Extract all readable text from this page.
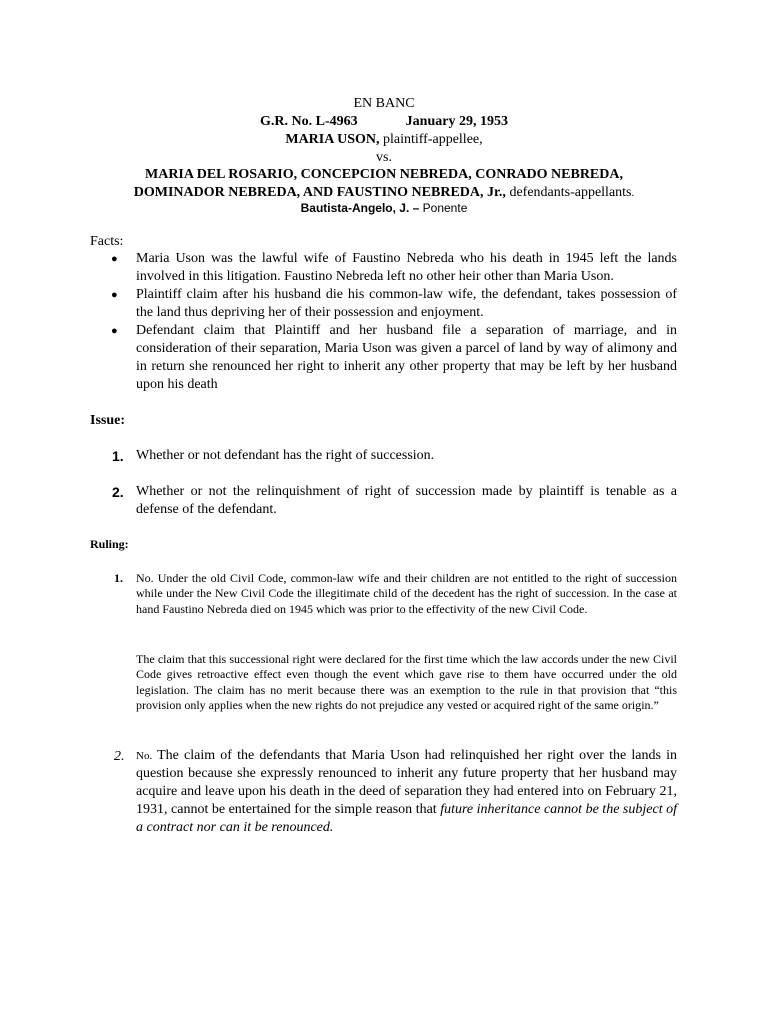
EN BANC
G.R. No. L-4963	January 29, 1953
MARIA USON, plaintiff-appellee,
vs.
MARIA DEL ROSARIO, CONCEPCION NEBREDA, CONRADO NEBREDA,
DOMINADOR NEBREDA, AND FAUSTINO NEBREDA, Jr., defendants-appellants.
Bautista-Angelo, J. – Ponente
Facts:
● Maria Uson was the lawful wife of Faustino Nebreda who his death in 1945 left the lands involved in this litigation. Faustino Nebreda left no other heir other than Maria Uson.
● Plaintiff claim after his husband die his common-law wife, the defendant, takes possession of the land thus depriving her of their possession and enjoyment.
● Defendant claim that Plaintiff and her husband file a separation of marriage, and in consideration of their separation, Maria Uson was given a parcel of land by way of alimony and in return she renounced her right to inherit any other property that may be left by her husband upon his death
Issue:
1. Whether or not defendant has the right of succession.
2. Whether or not the relinquishment of right of succession made by plaintiff is tenable as a defense of the defendant.
Ruling:
1. No. Under the old Civil Code, common-law wife and their children are not entitled to the right of succession while under the New Civil Code the illegitimate child of the decedent has the right of succession. In the case at hand Faustino Nebreda died on 1945 which was prior to the effectivity of the new Civil Code.
The claim that this successional right were declared for the first time which the law accords under the new Civil Code gives retroactive effect even though the event which gave rise to them have occurred under the old legislation. The claim has no merit because there was an exemption to the rule in that provision that “this provision only applies when the new rights do not prejudice any vested or acquired right of the same origin.”
2. No. The claim of the defendants that Maria Uson had relinquished her right over the lands in question because she expressly renounced to inherit any future property that her husband may acquire and leave upon his death in the deed of separation they had entered into on February 21, 1931, cannot be entertained for the simple reason that future inheritance cannot be the subject of a contract nor can it be renounced.
